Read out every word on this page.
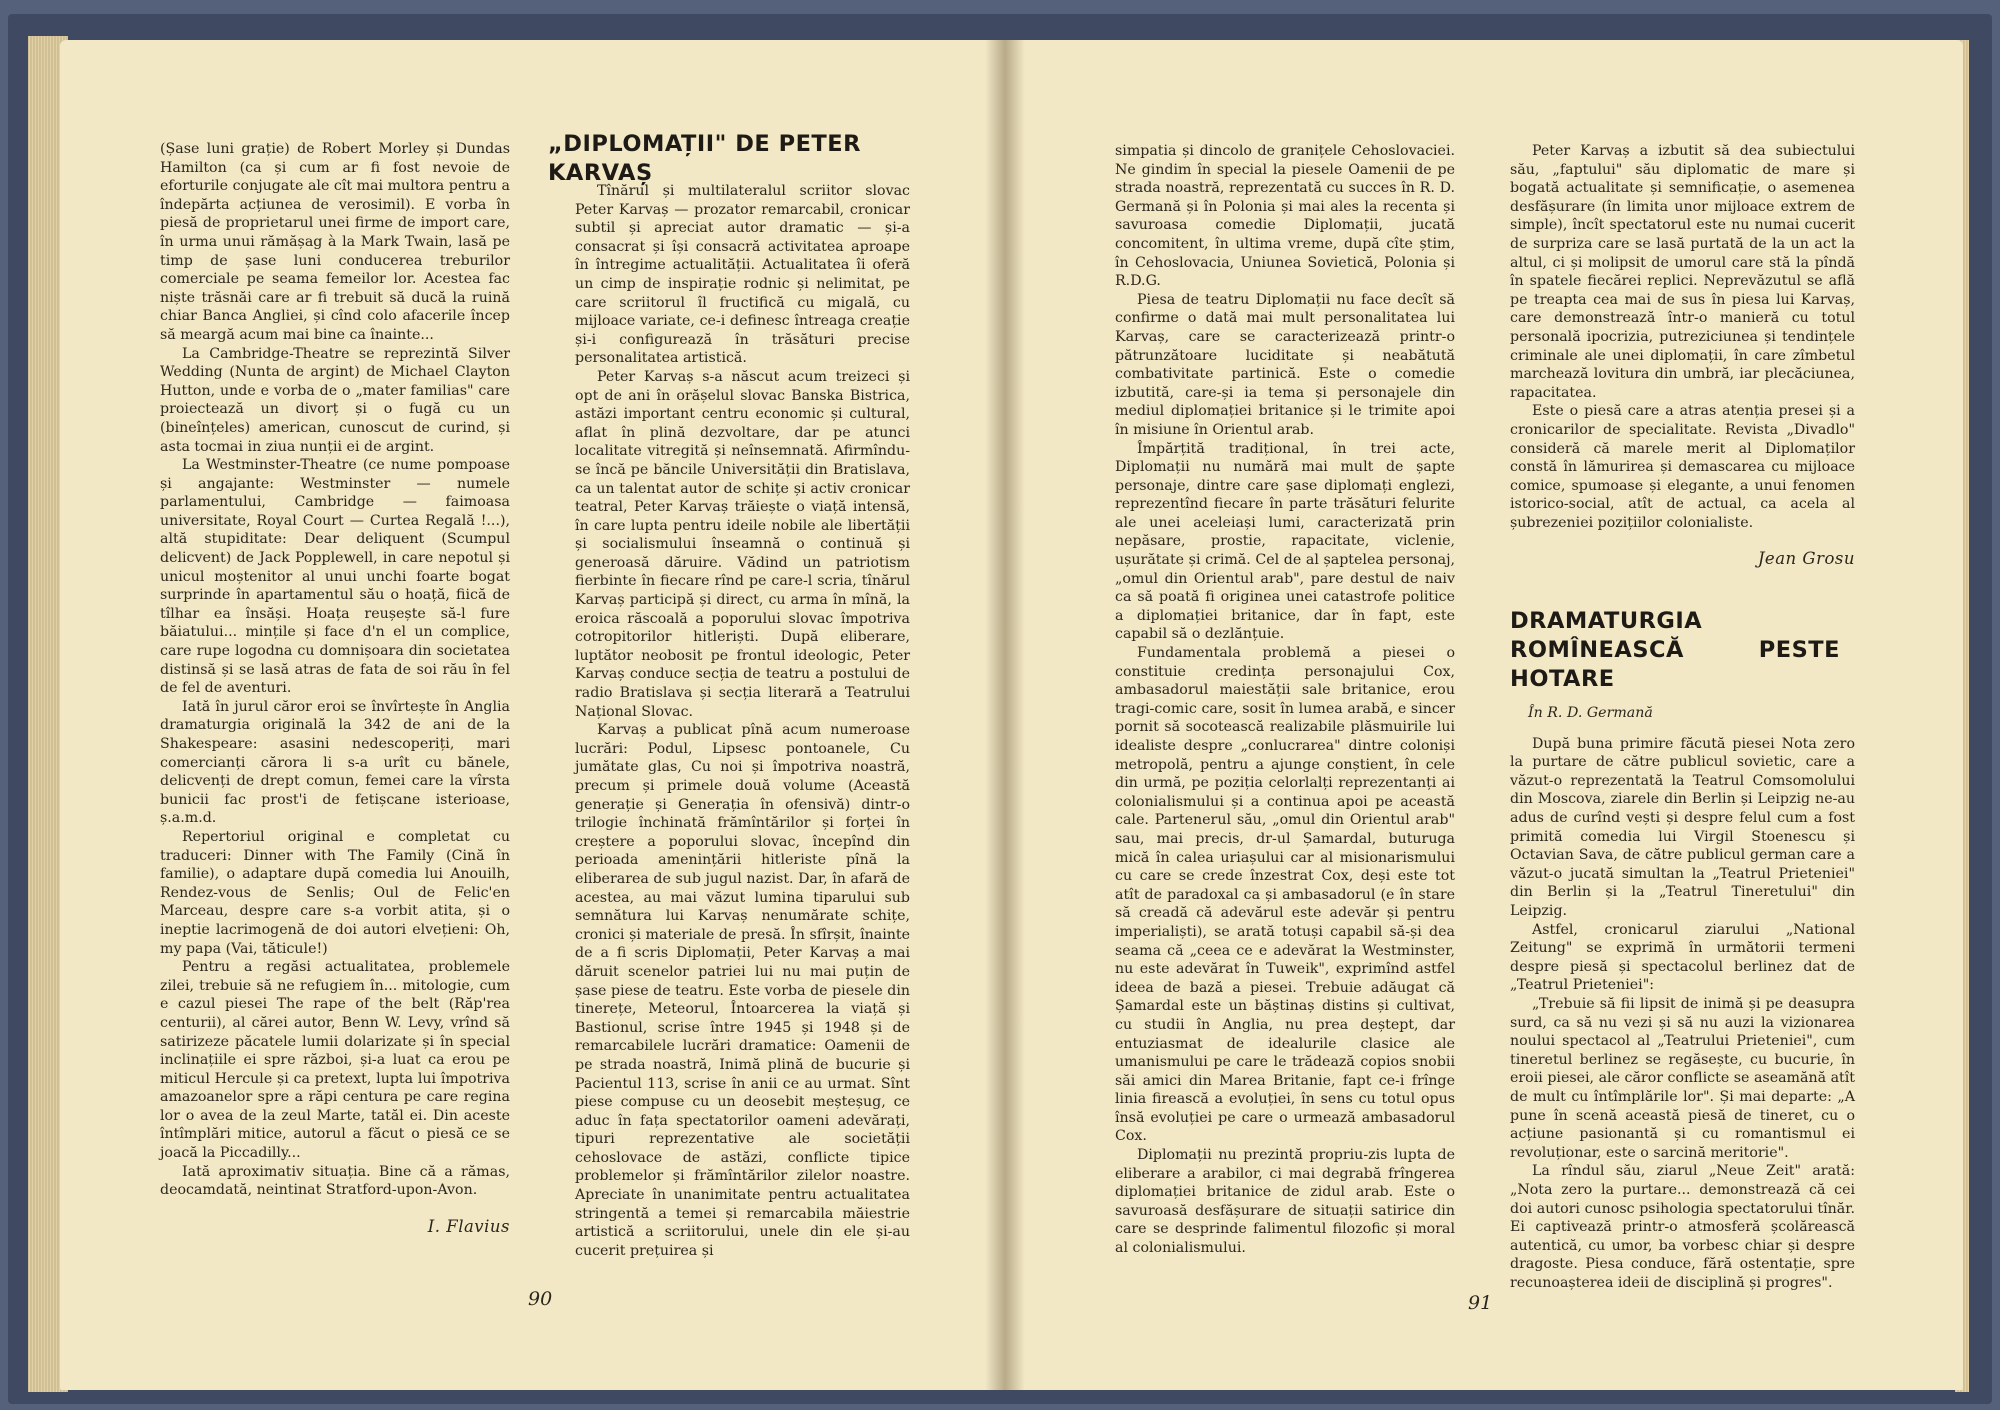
(Șase luni grație) de Robert Morley și Dundas Hamilton (ca și cum ar fi fost nevoie de eforturile conjugate ale cît mai multora pentru a îndepărta acțiunea de verosimil). E vorba în piesă de proprietarul unei firme de import care, în urma unui rămășag à la Mark Twain, lasă pe timp de șase luni conducerea treburilor comerciale pe seama femeilor lor. Acestea fac niște trăsnăi care ar fi trebuit să ducă la ruină chiar Banca Angliei, și cînd colo afacerile încep să meargă acum mai bine ca înainte...

La Cambridge-Theatre se reprezintă Silver Wedding (Nunta de argint) de Michael Clayton Hutton, unde e vorba de o „mater familias" care proiectează un divorț și o fugă cu un (bineînțeles) american, cunoscut de curind, și asta tocmai in ziua nunții ei de argint.

La Westminster-Theatre (ce nume pompoase și angajante: Westminster — numele parlamentului, Cambridge — faimoasa universitate, Royal Court — Curtea Regală !...), altă stupiditate: Dear deliquent (Scumpul delicvent) de Jack Popplewell, in care nepotul și unicul moștenitor al unui unchi foarte bogat surprinde în apartamentul său o hoață, fiică de tîlhar ea însăși. Hoața reușește să-l fure băiatului... mințile și face d'n el un complice, care rupe logodna cu domnișoara din societatea distinsă și se lasă atras de fata de soi rău în fel de fel de aventuri.

Iată în jurul căror eroi se învîrtește în Anglia dramaturgia originală la 342 de ani de la Shakespeare: asasini nedescoperiți, mari comercianți cărora li s-a urît cu bănele, delicvenți de drept comun, femei care la vîrsta bunicii fac prost'i de fetișcane isterioase, ș.a.m.d.

Repertoriul original e completat cu traduceri: Dinner with The Family (Cină în familie), o adaptare după comedia lui Anouilh, Rendez-vous de Senlis; Oul de Felic'en Marceau, despre care s-a vorbit atita, și o ineptie lacrimogenă de doi autori elvețieni: Oh, my papa (Vai, tăticule!)

Pentru a regăsi actualitatea, problemele zilei, trebuie să ne refugiem în... mitologie, cum e cazul piesei The rape of the belt (Răp'rea centurii), al cărei autor, Benn W. Levy, vrînd să satirizeze păcatele lumii dolarizate și în special inclinațiile ei spre război, și-a luat ca erou pe miticul Hercule și ca pretext, lupta lui împotriva amazoanelor spre a răpi centura pe care regina lor o avea de la zeul Marte, tatăl ei. Din aceste întîmplări mitice, autorul a făcut o piesă ce se joacă la Piccadilly...

Iată aproximativ situația. Bine că a rămas, deocamdată, neintinat Stratford-upon-Avon.

I. Flavius
„DIPLOMAȚII" DE PETER KARVAȘ

Tînărul și multilateralul scriitor slovac Peter Karvaș — prozator remarcabil, cronicar subtil și apreciat autor dramatic — și-a consacrat și își consacră activitatea aproape în întregime actualității. Actualitatea îi oferă un cimp de inspirație rodnic și nelimitat, pe care scriitorul îl fructifică cu migală, cu mijloace variate, ce-i definesc întreaga creație și-i configurează în trăsături precise personalitatea artistică.

Peter Karvaș s-a născut acum treizeci și opt de ani în orășelul slovac Banska Bistrica, astăzi important centru economic și cultural, aflat în plină dezvoltare, dar pe atunci localitate vitregită și neînsemnată. Afirmîndu-se încă pe băncile Universității din Bratislava, ca un talentat autor de schițe și activ cronicar teatral, Peter Karvaș trăiește o viață intensă, în care lupta pentru ideile nobile ale libertății și socialismului înseamnă o continuă și generoasă dăruire. Vădind un patriotism fierbinte în fiecare rînd pe care-l scria, tînărul Karvaș participă și direct, cu arma în mînă, la eroica răscoală a poporului slovac împotriva cotropitorilor hitleriști. După eliberare, luptător neobosit pe frontul ideologic, Peter Karvaș conduce secția de teatru a postului de radio Bratislava și secția literară a Teatrului Național Slovac.

Karvaș a publicat pînă acum numeroase lucrări: Podul, Lipsesc pontoanele, Cu jumătate glas, Cu noi și împotriva noastră, precum și primele două volume (Această generație și Generația în ofensivă) dintr-o trilogie închinată frămîntărilor și forței în creștere a poporului slovac, începînd din perioada amenințării hitleriste pînă la eliberarea de sub jugul nazist. Dar, în afară de acestea, au mai văzut lumina tiparului sub semnătura lui Karvaș nenumărate schițe, cronici și materiale de presă. În sfîrșit, înainte de a fi scris Diplomații, Peter Karvaș a mai dăruit scenelor patriei lui nu mai puțin de șase piese de teatru. Este vorba de piesele din tinerețe, Meteorul, Întoarcerea la viață și Bastionul, scrise între 1945 și 1948 și de remarcabilele lucrări dramatice: Oamenii de pe strada noastră, Inimă plină de bucurie și Pacientul 113, scrise în anii ce au urmat. Sînt piese compuse cu un deosebit meșteșug, ce aduc în fața spectatorilor oameni adevărați, tipuri reprezentative ale societății cehoslovace de astăzi, conflicte tipice problemelor și frămîntărilor zilelor noastre. Apreciate în unanimitate pentru actualitatea stringentă a temei și remarcabila măiestrie artistică a scriitorului, unele din ele și-au cucerit prețuirea și

90

simpatia și dincolo de granițele Cehoslovaciei. Ne gindim în special la piesele Oamenii de pe strada noastră, reprezentată cu succes în R. D. Germană și în Polonia și mai ales la recenta și savuroasa comedie Diplomații, jucată concomitent, în ultima vreme, după cîte știm, în Cehoslovacia, Uniunea Sovietică, Polonia și R.D.G.

Piesa de teatru Diplomații nu face decît să confirme o dată mai mult personalitatea lui Karvaș, care se caracterizează printr-o pătrunzătoare luciditate și neabătută combativitate partinică. Este o comedie izbutită, care-și ia tema și personajele din mediul diplomației britanice și le trimite apoi în misiune în Orientul arab.

Împărțită tradițional, în trei acte, Diplomații nu numără mai mult de șapte personaje, dintre care șase diplomați englezi, reprezentînd fiecare în parte trăsături felurite ale unei aceleiași lumi, caracterizată prin nepăsare, prostie, rapacitate, viclenie, ușurătate și crimă. Cel de al șaptelea personaj, „omul din Orientul arab", pare destul de naiv ca să poată fi originea unei catastrofe politice a diplomației britanice, dar în fapt, este capabil să o dezlănțuie.

Fundamentala problemă a piesei o constituie credința personajului Cox, ambasadorul maiestății sale britanice, erou tragi-comic care, sosit în lumea arabă, e sincer pornit să socotească realizabile plăsmuirile lui idealiste despre „conlucrarea" dintre coloniși metropolă, pentru a ajunge conștient, în cele din urmă, pe poziția celorlalți reprezentanți ai colonialismului și a continua apoi pe această cale. Partenerul său, „omul din Orientul arab" sau, mai precis, dr-ul Șamardal, buturuga mică în calea uriașului car al misionarismului cu care se crede înzestrat Cox, deși este tot atît de paradoxal ca și ambasadorul (e în stare să creadă că adevărul este adevăr și pentru imperialiști), se arată totuși capabil să-și dea seama că „ceea ce e adevărat la Westminster, nu este adevărat în Tuweik", exprimînd astfel ideea de bază a piesei. Trebuie adăugat că Șamardal este un băștinaș distins și cultivat, cu studii în Anglia, nu prea deștept, dar entuziasmat de idealurile clasice ale umanismului pe care le trădează copios snobii săi amici din Marea Britanie, fapt ce-i frînge linia firească a evoluției, în sens cu totul opus însă evoluției pe care o urmează ambasadorul Cox.

Diplomații nu prezintă propriu-zis lupta de eliberare a arabilor, ci mai degrabă frîngerea diplomației britanice de zidul arab. Este o savuroasă desfășurare de situații satirice din care se desprinde falimentul filozofic și moral al colonialismului.

Peter Karvaș a izbutit să dea subiectului său, „faptului" său diplomatic de mare și bogată actualitate și semnificație, o asemenea desfășurare (în limita unor mijloace extrem de simple), încît spectatorul este nu numai cucerit de surpriza care se lasă purtată de la un act la altul, ci și molipsit de umorul care stă la pîndă în spatele fiecărei replici. Neprevăzutul se află pe treapta cea mai de sus în piesa lui Karvaș, care demonstrează într-o manieră cu totul personală ipocrizia, putreziciunea și tendințele criminale ale unei diplomații, în care zîmbetul marchează lovitura din umbră, iar plecăciunea, rapacitatea.

Este o piesă care a atras atenția presei și a cronicarilor de specialitate. Revista „Divadlo" consideră că marele merit al Diplomaților constă în lămurirea și demascarea cu mijloace comice, spumoase și elegante, a unui fenomen istorico-social, atît de actual, ca acela al șubrezeniei pozițiilor colonialiste.

Jean Grosu
DRAMATURGIA ROMÎNEASCĂ PESTE HOTARE
În R. D. Germană

După buna primire făcută piesei Nota zero la purtare de către publicul sovietic, care a văzut-o reprezentată la Teatrul Comsomolului din Moscova, ziarele din Berlin și Leipzig ne-au adus de curînd vești și despre felul cum a fost primită comedia lui Virgil Stoenescu și Octavian Sava, de către publicul german care a văzut-o jucată simultan la „Teatrul Prieteniei" din Berlin și la „Teatrul Tineretului" din Leipzig.

Astfel, cronicarul ziarului „National Zeitung" se exprimă în următorii termeni despre piesă și spectacolul berlinez dat de „Teatrul Prieteniei":

„Trebuie să fii lipsit de inimă și pe deasupra surd, ca să nu vezi și să nu auzi la vizionarea noului spectacol al „Teatrului Prieteniei", cum tineretul berlinez se regăsește, cu bucurie, în eroii piesei, ale căror conflicte se aseamănă atît de mult cu întîmplările lor". Și mai departe: „A pune în scenă această piesă de tineret, cu o acțiune pasionantă și cu romantismul ei revoluționar, este o sarcină meritorie".

La rîndul său, ziarul „Neue Zeit" arată: „Nota zero la purtare... demonstrează că cei doi autori cunosc psihologia spectatorului tînăr. Ei captivează printr-o atmosferă școlărească autentică, cu umor, ba vorbesc chiar și despre dragoste. Piesa conduce, fără ostentație, spre recunoașterea ideii de disciplină și progres".

91
